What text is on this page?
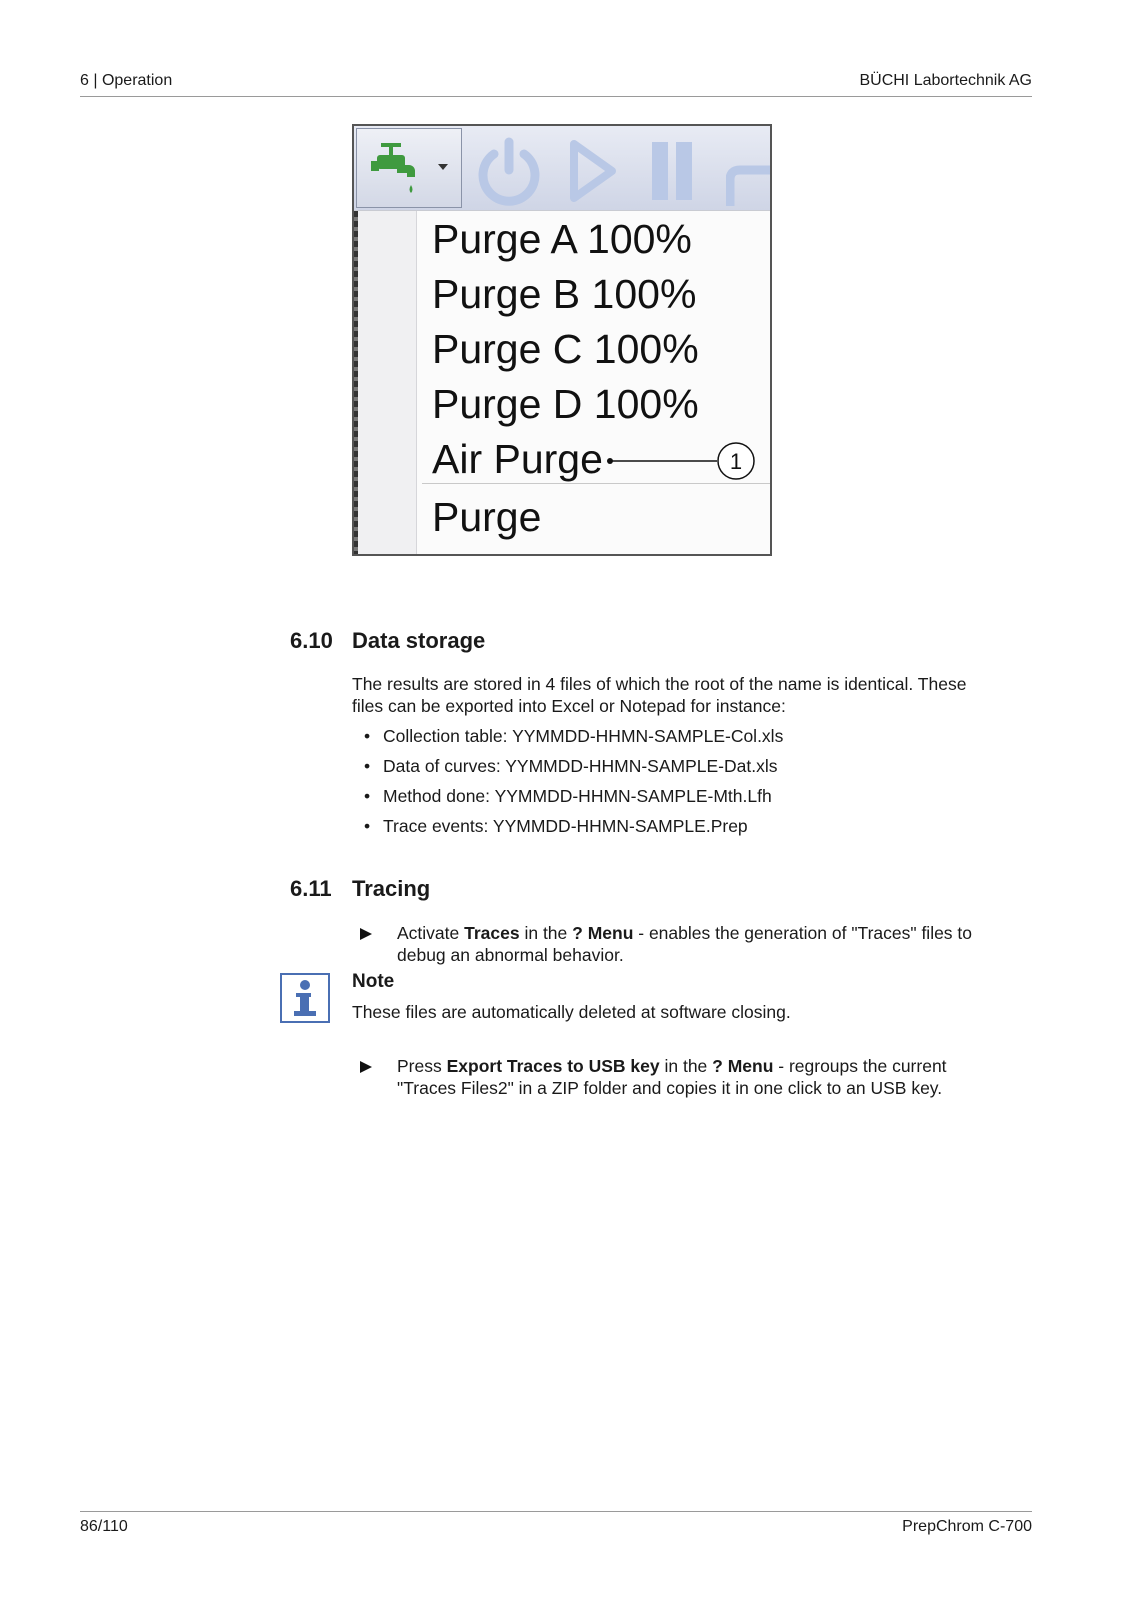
6 | Operation	BÜCHI Labortechnik AG
Purge A 100%
Purge B 100%
Purge C 100%
Purge D 100%
Air Purge
Purge
1
6.10 Data storage
The results are stored in 4 files of which the root of the name is identical. These
files can be exported into Excel or Notepad for instance:
• Collection table: YYMMDD-HHMN-SAMPLE-Col.xls
• Data of curves: YYMMDD-HHMN-SAMPLE-Dat.xls
• Method done: YYMMDD-HHMN-SAMPLE-Mth.Lfh
• Trace events: YYMMDD-HHMN-SAMPLE.Prep
6.11 Tracing
Activate Traces in the ? Menu - enables the generation of "Traces" files to
debug an abnormal behavior.
Note
These files are automatically deleted at software closing.
Press Export Traces to USB key in the ? Menu - regroups the current
"Traces Files2" in a ZIP folder and copies it in one click to an USB key.
86/110	PrepChrom C-700
